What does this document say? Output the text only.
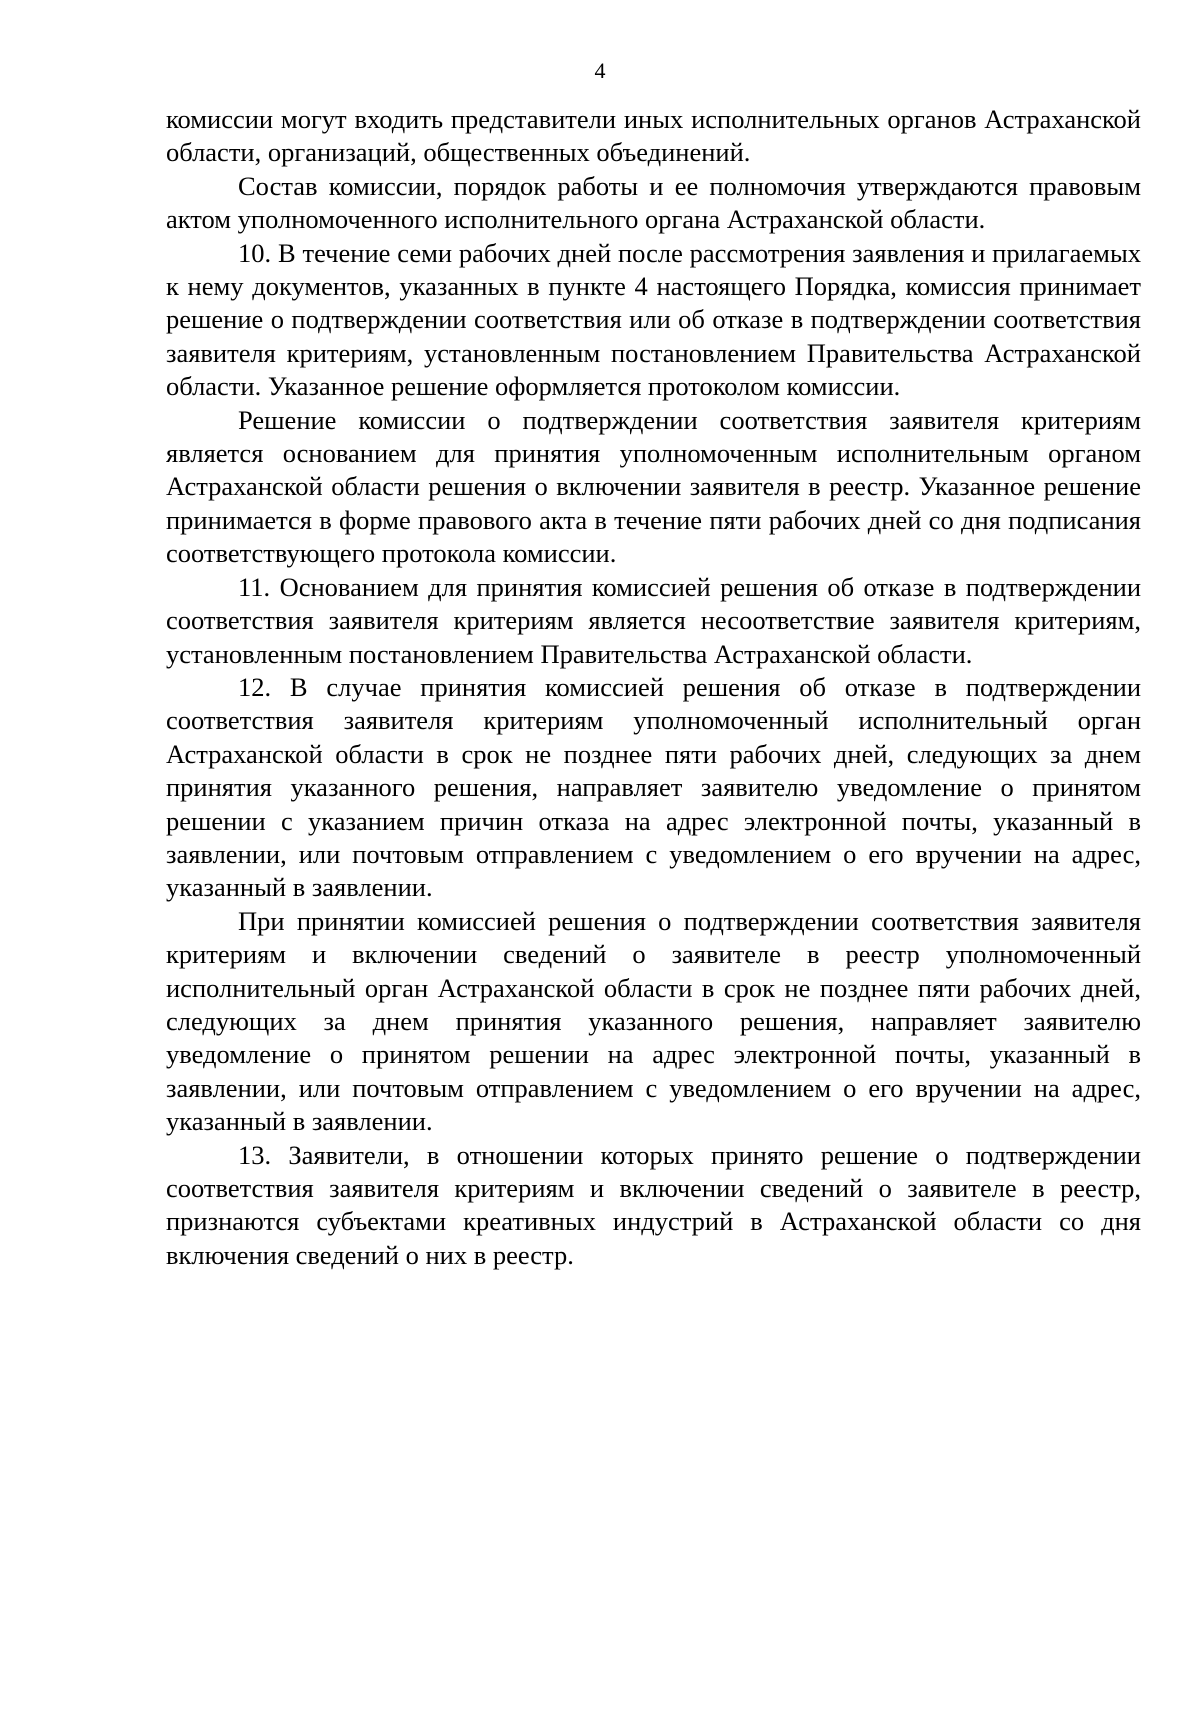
4

комиссии могут входить представители иных исполнительных органов Астраханской области, организаций, общественных объединений.

Состав комиссии, порядок работы и ее полномочия утверждаются правовым актом уполномоченного исполнительного органа Астраханской области.

10. В течение семи рабочих дней после рассмотрения заявления и прилагаемых к нему документов, указанных в пункте 4 настоящего Порядка, комиссия принимает решение о подтверждении соответствия или об отказе в подтверждении соответствия заявителя критериям, установленным постановлением Правительства Астраханской области. Указанное решение оформляется протоколом комиссии.

Решение комиссии о подтверждении соответствия заявителя критериям является основанием для принятия уполномоченным исполнительным органом Астраханской области решения о включении заявителя в реестр. Указанное решение принимается в форме правового акта в течение пяти рабочих дней со дня подписания соответствующего протокола комиссии.

11. Основанием для принятия комиссией решения об отказе в подтверждении соответствия заявителя критериям является несоответствие заявителя критериям, установленным постановлением Правительства Астраханской области.

12. В случае принятия комиссией решения об отказе в подтверждении соответствия заявителя критериям уполномоченный исполнительный орган Астраханской области в срок не позднее пяти рабочих дней, следующих за днем принятия указанного решения, направляет заявителю уведомление о принятом решении с указанием причин отказа на адрес электронной почты, указанный в заявлении, или почтовым отправлением с уведомлением о его вручении на адрес, указанный в заявлении.

При принятии комиссией решения о подтверждении соответствия заявителя критериям и включении сведений о заявителе в реестр уполномоченный исполнительный орган Астраханской области в срок не позднее пяти рабочих дней, следующих за днем принятия указанного решения, направляет заявителю уведомление о принятом решении на адрес электронной почты, указанный в заявлении, или почтовым отправлением с уведомлением о его вручении на адрес, указанный в заявлении.

13. Заявители, в отношении которых принято решение о подтверждении соответствия заявителя критериям и включении сведений о заявителе в реестр, признаются субъектами креативных индустрий в Астраханской области со дня включения сведений о них в реестр.
